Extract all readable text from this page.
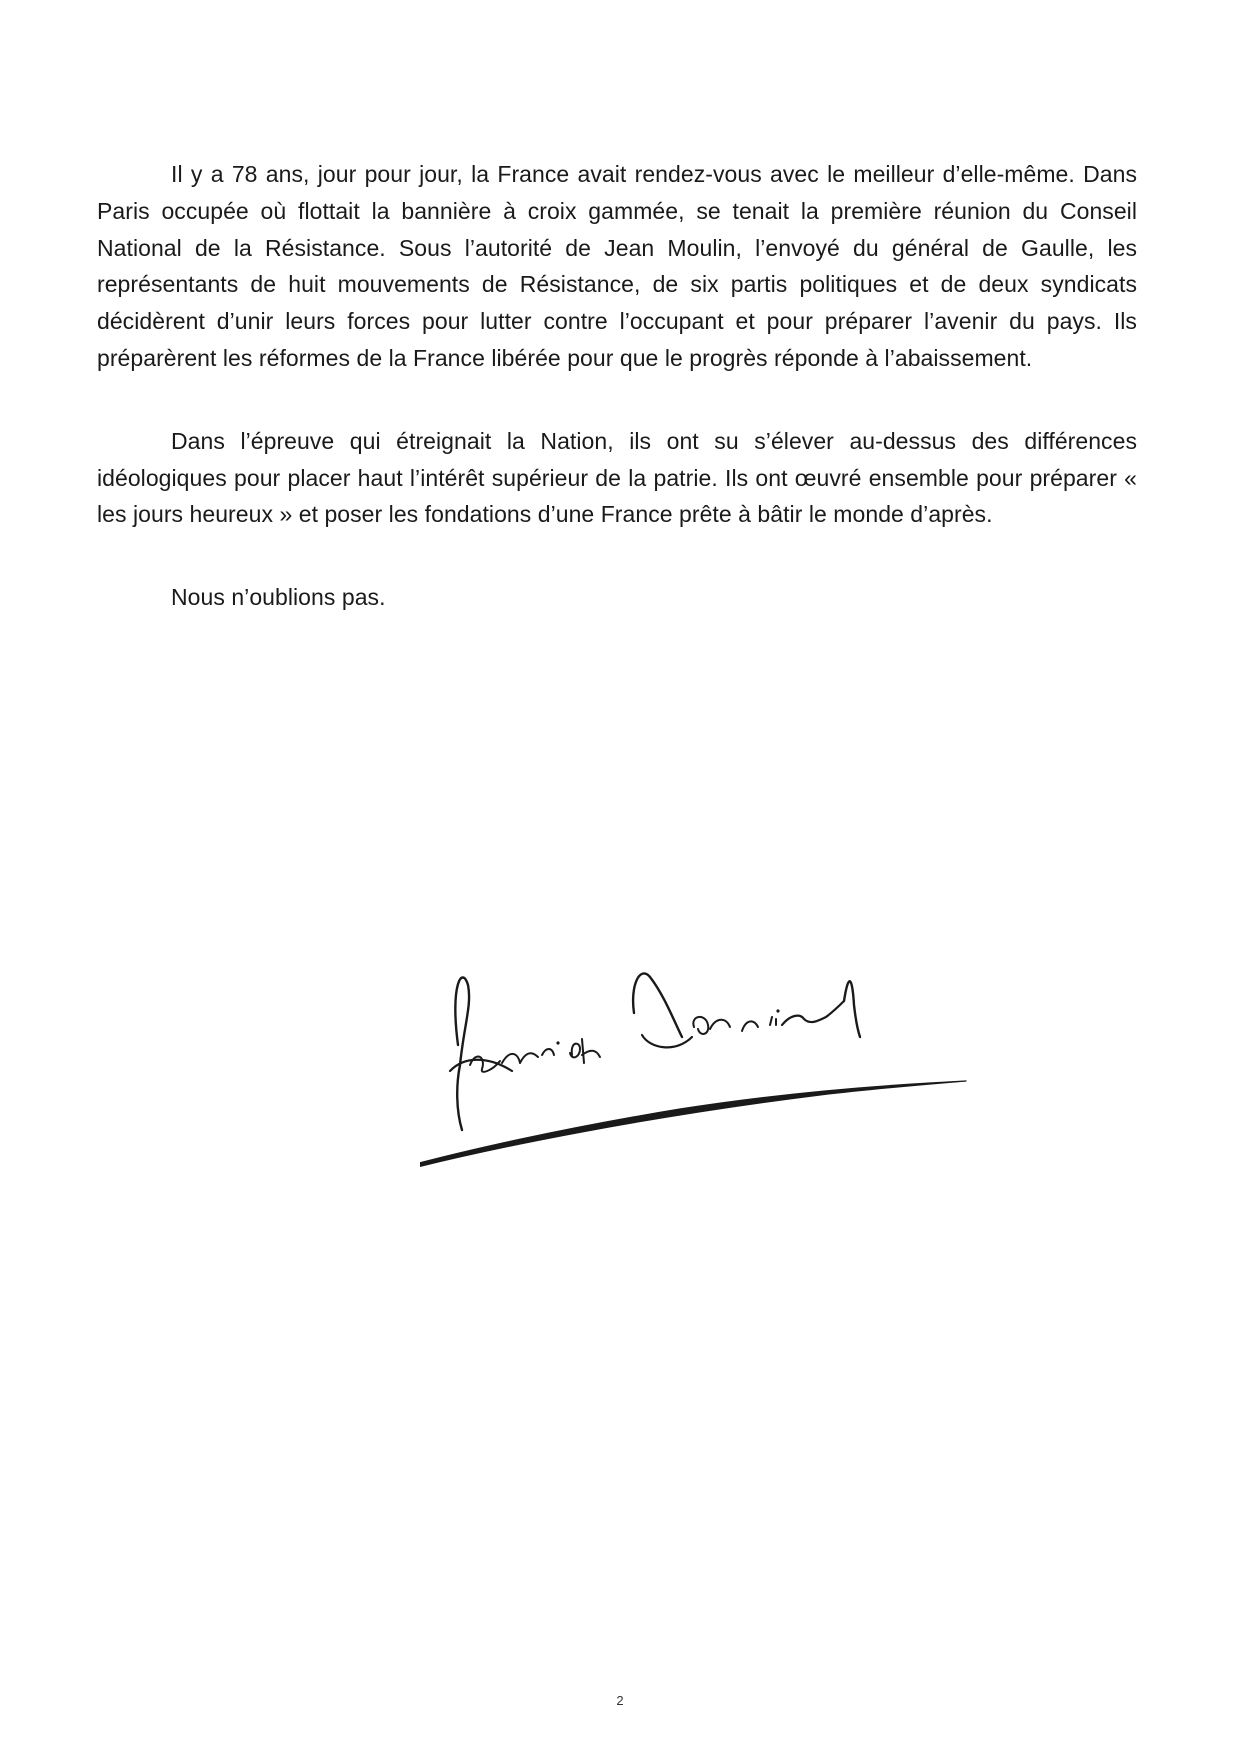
Il y a 78 ans, jour pour jour, la France avait rendez-vous avec le meilleur d’elle-même. Dans Paris occupée où flottait la bannière à croix gammée, se tenait la première réunion du Conseil National de la Résistance. Sous l’autorité de Jean Moulin, l’envoyé du général de Gaulle, les représentants de huit mouvements de Résistance, de six partis politiques et de deux syndicats décidèrent d’unir leurs forces pour lutter contre l’occupant et pour préparer l’avenir du pays. Ils préparèrent les réformes de la France libérée pour que le progrès réponde à l’abaissement.

Dans l’épreuve qui étreignait la Nation, ils ont su s’élever au-dessus des différences idéologiques pour placer haut l’intérêt supérieur de la patrie. Ils ont œuvré ensemble pour préparer « les jours heureux » et poser les fondations d’une France prête à bâtir le monde d’après.

Nous n’oublions pas.

2
